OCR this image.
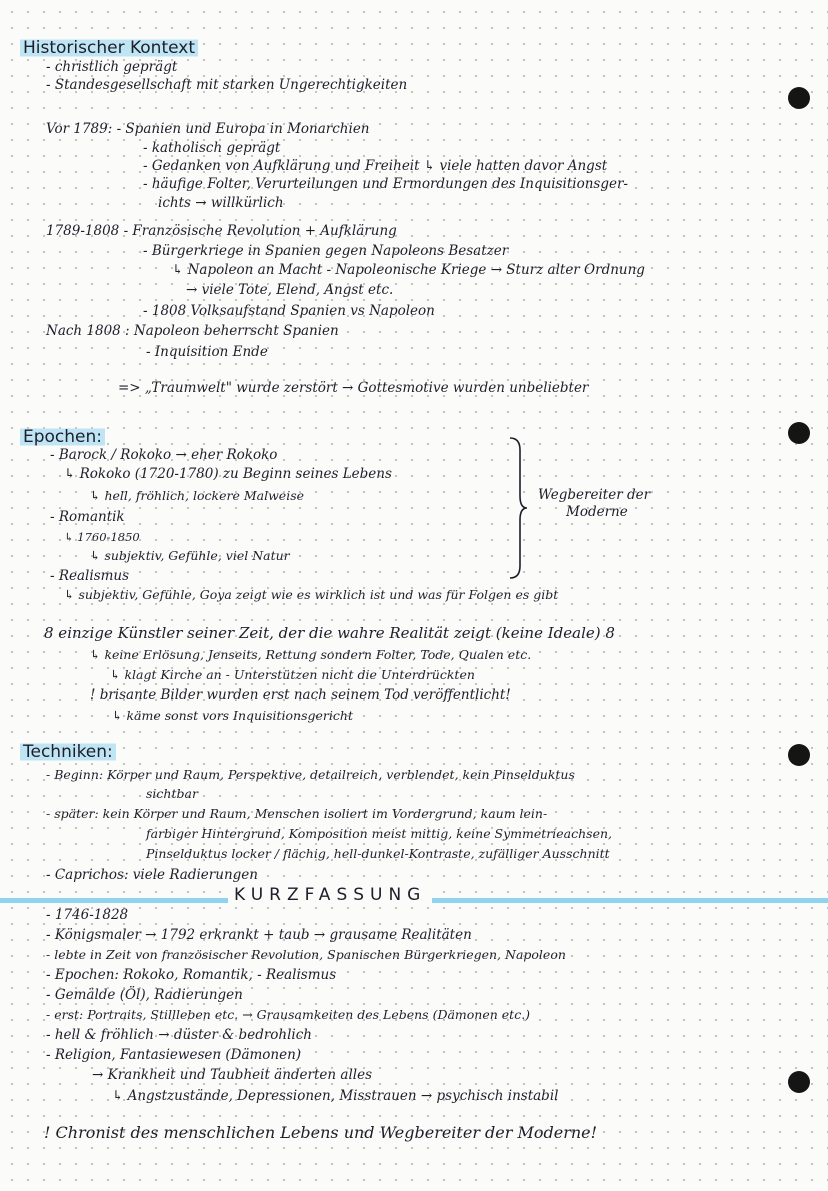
Historischer Kontext
- christlich geprägt
- Standesgesellschaft mit starken Ungerechtigkeiten
Vor 1789: - Spanien und Europa in Monarchien
- katholisch geprägt
- Gedanken von Aufklärung und Freiheit ↳ viele hatten davor Angst
- häufige Folter, Verurteilungen und Ermordungen des Inquisitionsger-
ichts → willkürlich
1789-1808 - Französische Revolution + Aufklärung
- Bürgerkriege in Spanien gegen Napoleons Besatzer
↳ Napoleon an Macht - Napoleonische Kriege → Sturz alter Ordnung
→ viele Tote, Elend, Angst etc.
- 1808 Volksaufstand Spanien vs Napoleon
Nach 1808 : Napoleon beherrscht Spanien
- Inquisition Ende
=> „Traumwelt" wurde zerstört → Gottesmotive wurden unbeliebter
Epochen:
- Barock / Rokoko → eher Rokoko
↳ Rokoko (1720-1780) zu Beginn seines Lebens
↳ hell, fröhlich, lockere Malweise
- Romantik
↳ 1760-1850
↳ subjektiv, Gefühle, viel Natur
- Realismus
↳ subjektiv, Gefühle, Goya zeigt wie es wirklich ist und was für Folgen es gibt
Wegbereiter der
Moderne
8 einzige Künstler seiner Zeit, der die wahre Realität zeigt (keine Ideale) 8
↳ keine Erlösung, Jenseits, Rettung sondern Folter, Tode, Qualen etc.
↳ klagt Kirche an - Unterstützen nicht die Unterdrückten
! brisante Bilder wurden erst nach seinem Tod veröffentlicht!
↳ käme sonst vors Inquisitionsgericht
Techniken:
- Beginn: Körper und Raum, Perspektive, detailreich, verblendet, kein Pinselduktus
sichtbar
- später: kein Körper und Raum, Menschen isoliert im Vordergrund, kaum lein-
farbiger Hintergrund, Komposition meist mittig, keine Symmetrieachsen,
Pinselduktus locker / flächig, hell-dunkel-Kontraste, zufälliger Ausschnitt
- Caprichos: viele Radierungen
KURZFASSUNG
- 1746-1828
- Königsmaler → 1792 erkrankt + taub → grausame Realitäten
- lebte in Zeit von französischer Revolution, Spanischen Bürgerkriegen, Napoleon
- Epochen: Rokoko, Romantik, - Realismus
- Gemälde (Öl), Radierungen
- erst: Portraits, Stillleben etc. → Grausamkeiten des Lebens (Dämonen etc.)
- hell & fröhlich → düster & bedrohlich
- Religion, Fantasiewesen (Dämonen)
→ Krankheit und Taubheit änderten alles
↳ Angstzustände, Depressionen, Misstrauen → psychisch instabil
! Chronist des menschlichen Lebens und Wegbereiter der Moderne!
